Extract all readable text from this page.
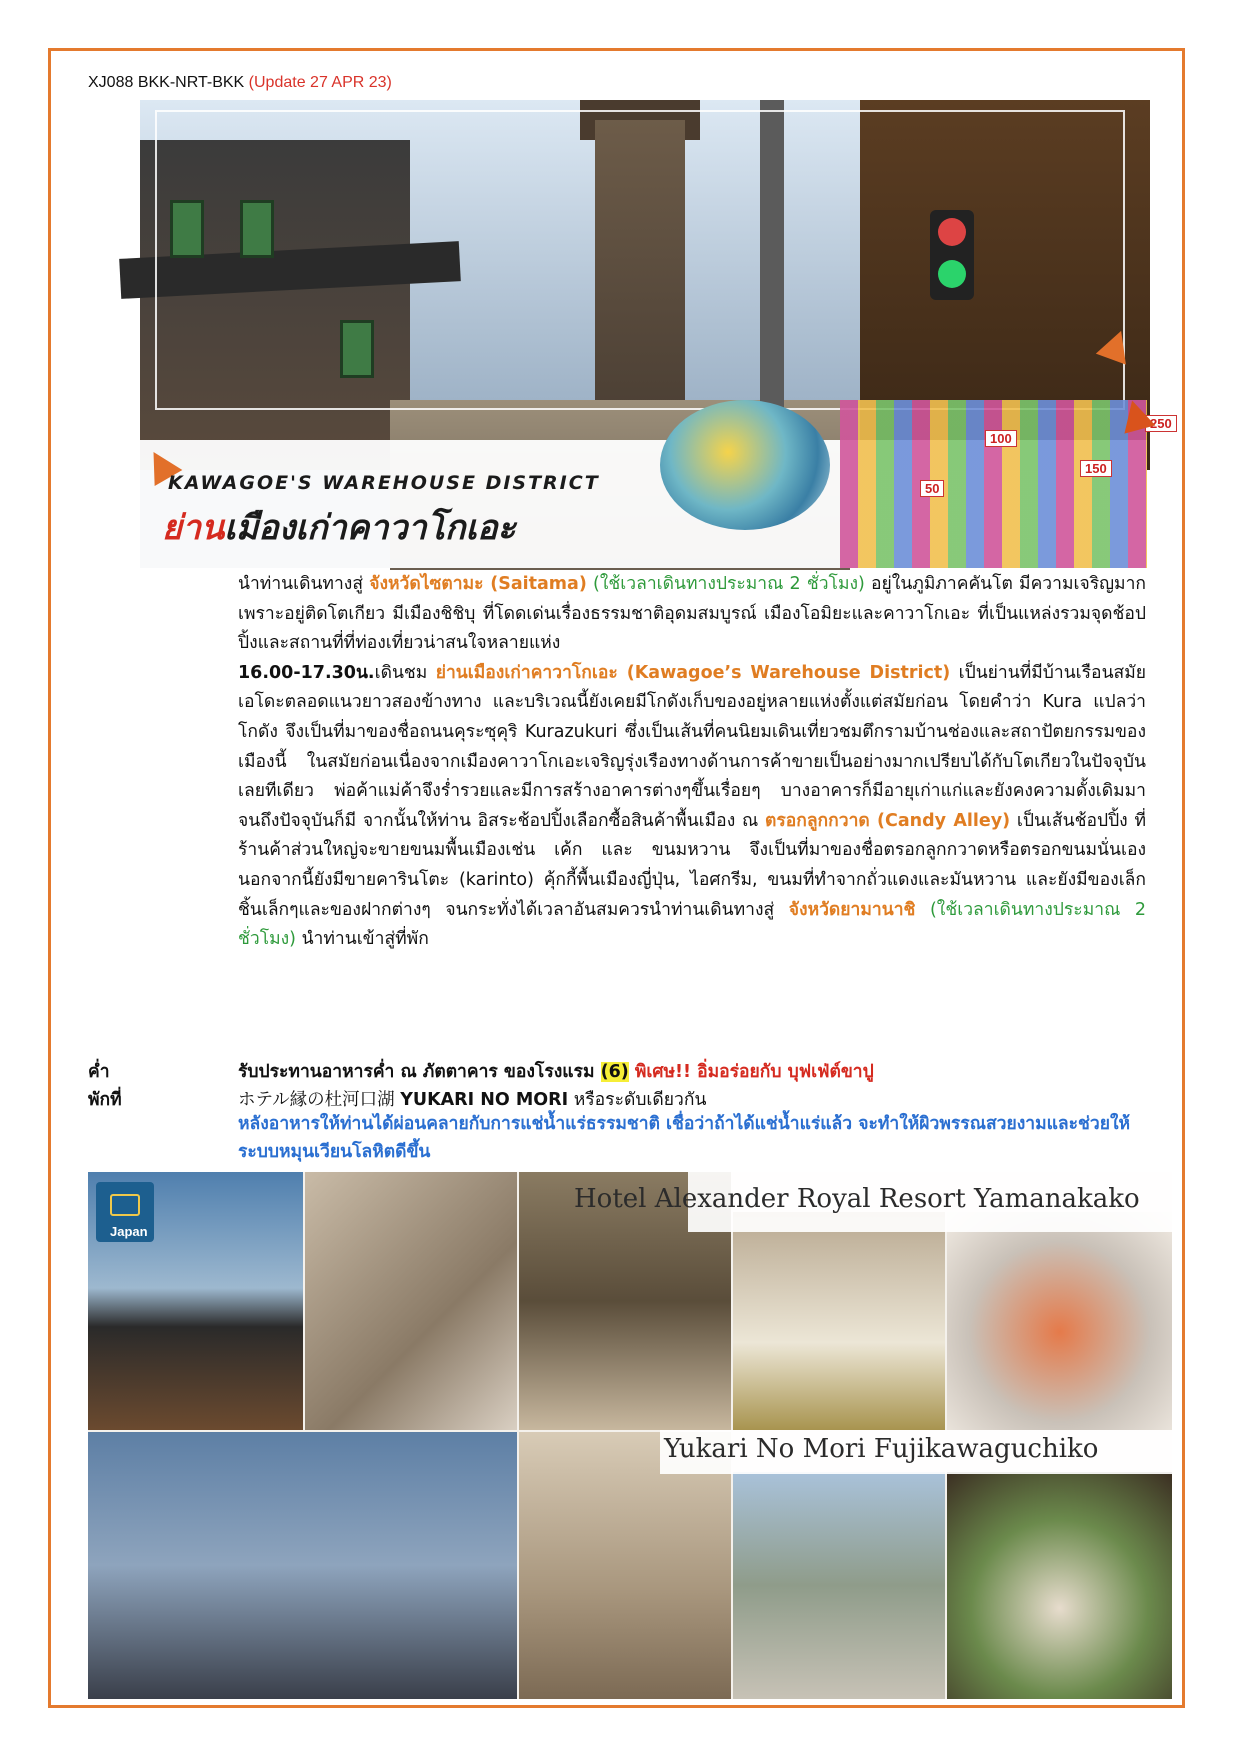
XJ088 BKK-NRT-BKK (Update 27 APR 23)
150
250
50
100
KAWAGOE'S WAREHOUSE DISTRICT
ย่านเมืองเก่าคาวาโกเอะ
นำท่านเดินทางสู่ จังหวัดไซตามะ (Saitama) (ใช้เวลาเดินทางประมาณ 2 ชั่วโมง) อยู่ในภูมิภาคคันโต มีความเจริญมากเพราะอยู่ติดโตเกียว มีเมืองชิชิบุ ที่โดดเด่นเรื่องธรรมชาติอุดมสมบูรณ์ เมืองโอมิยะและคาวาโกเอะ ที่เป็นแหล่งรวมจุดช้อปปิ้งและสถานที่ที่ท่องเที่ยวน่าสนใจหลายแห่ง
16.00-17.30น.เดินชม ย่านเมืองเก่าคาวาโกเอะ (Kawagoe’s Warehouse District) เป็นย่านที่มีบ้านเรือนสมัยเอโดะตลอดแนวยาวสองข้างทาง และบริเวณนี้ยังเคยมีโกดังเก็บของอยู่หลายแห่งตั้งแต่สมัยก่อน โดยคำว่า Kura แปลว่า โกดัง จึงเป็นที่มาของชื่อถนนคุระซุคุริ Kurazukuri ซึ่งเป็นเส้นที่คนนิยมเดินเที่ยวชมตึกรามบ้านช่องและสถาปัตยกรรมของเมืองนี้ ในสมัยก่อนเนื่องจากเมืองคาวาโกเอะเจริญรุ่งเรืองทางด้านการค้าขายเป็นอย่างมากเปรียบได้กับโตเกียวในปัจจุบันเลยทีเดียว พ่อค้าแม่ค้าจึงร่ำรวยและมีการสร้างอาคารต่างๆขึ้นเรื่อยๆ บางอาคารก็มีอายุเก่าแก่และยังคงความดั้งเดิมมาจนถึงปัจจุบันก็มี จากนั้นให้ท่าน อิสระช้อปปิ้งเลือกซื้อสินค้าพื้นเมือง ณ ตรอกลูกกวาด (Candy Alley) เป็นเส้นช้อปปิ้ง ที่ร้านค้าส่วนใหญ่จะขายขนมพื้นเมืองเช่น เค้ก และ ขนมหวาน จึงเป็นที่มาของชื่อตรอกลูกกวาดหรือตรอกขนมนั่นเอง นอกจากนี้ยังมีขายคารินโตะ (karinto) คุ้กกี้พื้นเมืองญี่ปุ่น, ไอศกรีม, ขนมที่ทำจากถั่วแดงและมันหวาน และยังมีของเล็กชิ้นเล็กๆและของฝากต่างๆ จนกระทั่งได้เวลาอันสมควรนำท่านเดินทางสู่ จังหวัดยามานาชิ (ใช้เวลาเดินทางประมาณ 2 ชั่วโมง) นำท่านเข้าสู่ที่พัก
ค่ำ	รับประทานอาหารค่ำ ณ ภัตตาคาร ของโรงแรม (6) พิเศษ!! อิ่มอร่อยกับ บุฟเฟ่ต์ขาปู
พักที่	ホテル縁の杜河口湖 YUKARI NO MORI หรือระดับเดียวกัน
หลังอาหารให้ท่านได้ผ่อนคลายกับการแช่น้ำแร่ธรรมชาติ เชื่อว่าถ้าได้แช่น้ำแร่แล้ว จะทำให้ผิวพรรณสวยงามและช่วยให้ระบบหมุนเวียนโลหิตดีขึ้น
Japan
Hotel Alexander Royal Resort Yamanakako
Yukari No Mori Fujikawaguchiko
